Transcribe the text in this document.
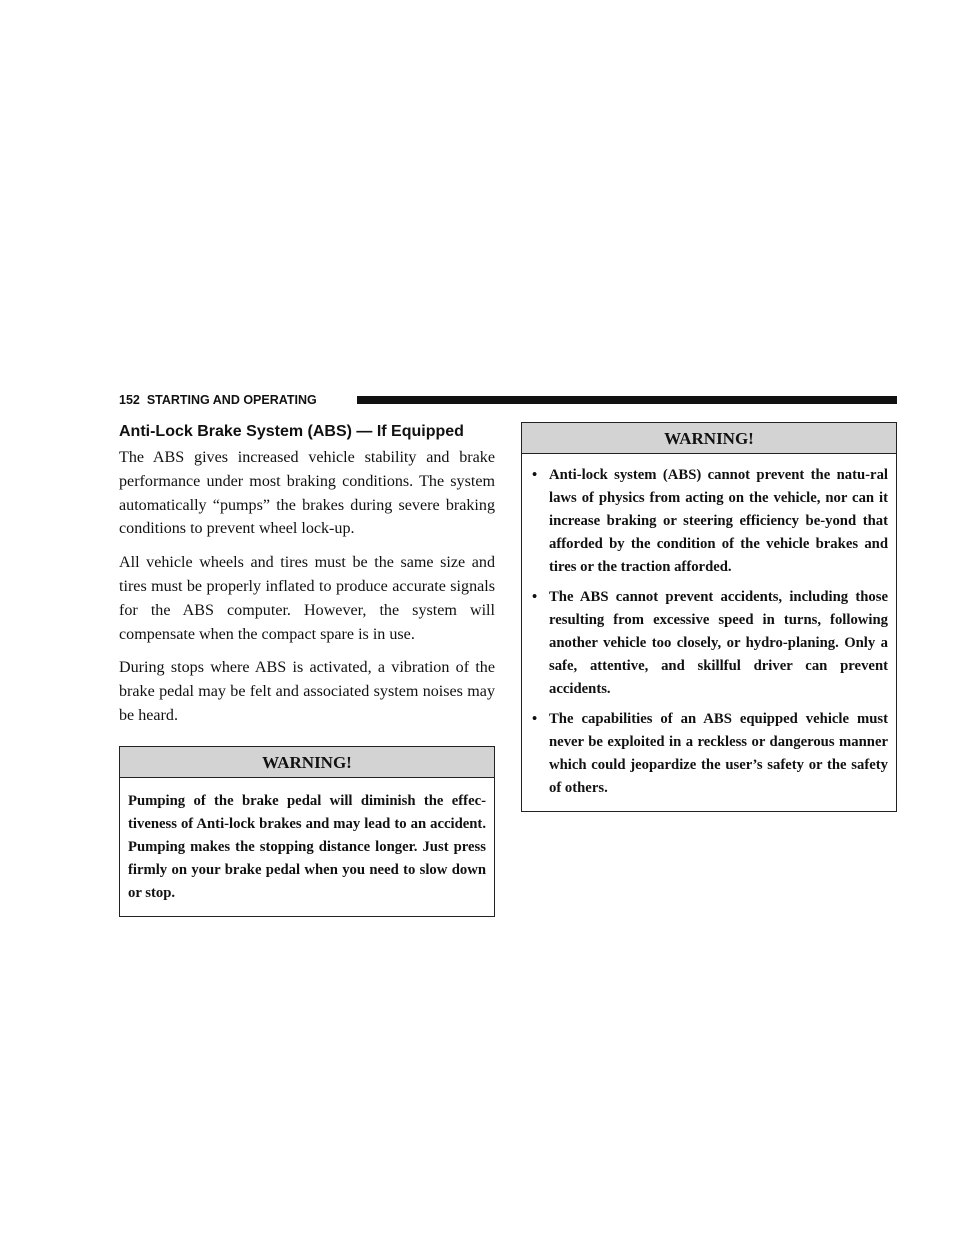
152 STARTING AND OPERATING
Anti-Lock Brake System (ABS) — If Equipped

The ABS gives increased vehicle stability and brake performance under most braking conditions. The system automatically “pumps” the brakes during severe braking conditions to prevent wheel lock-up.

All vehicle wheels and tires must be the same size and tires must be properly inflated to produce accurate signals for the ABS computer. However, the system will compensate when the compact spare is in use.

During stops where ABS is activated, a vibration of the brake pedal may be felt and associated system noises may be heard.

WARNING!
Pumping of the brake pedal will diminish the effec-tiveness of Anti-lock brakes and may lead to an accident. Pumping makes the stopping distance longer. Just press firmly on your brake pedal when you need to slow down or stop.
WARNING!
• Anti-lock system (ABS) cannot prevent the natu-ral laws of physics from acting on the vehicle, nor can it increase braking or steering efficiency be-yond that afforded by the condition of the vehicle brakes and tires or the traction afforded.
• The ABS cannot prevent accidents, including those resulting from excessive speed in turns, following another vehicle too closely, or hydro-planing. Only a safe, attentive, and skillful driver can prevent accidents.
• The capabilities of an ABS equipped vehicle must never be exploited in a reckless or dangerous manner which could jeopardize the user’s safety or the safety of others.
